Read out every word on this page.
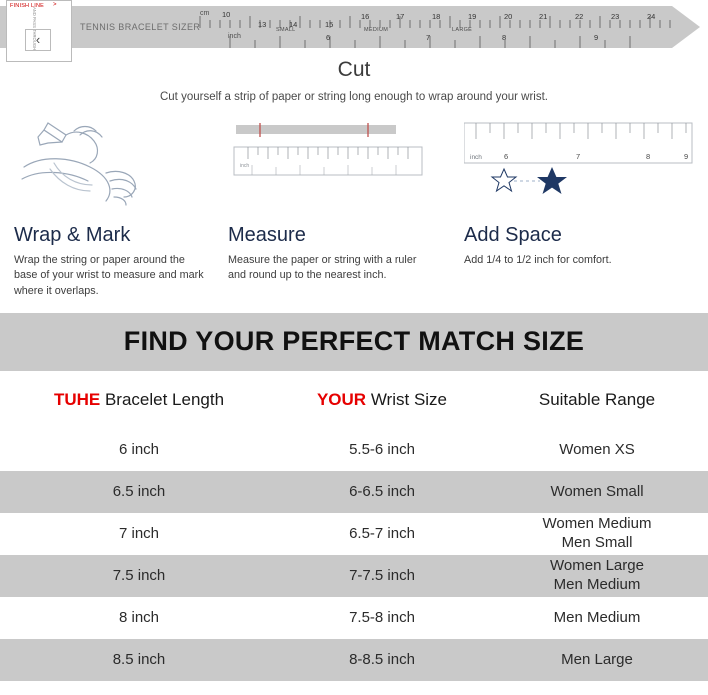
cm 10
13	14	15
16	17	18	19	20	21	22	23	24
inch	6	7	8	9
SMALL	MEDIUM	LARGE
TENNIS BRACELET SIZER
FINISH LINE >
AND PASS THROUGH
‹
Cut
Cut yourself a strip of paper or string long enough to wrap around your wrist.
Wrap & Mark

Wrap the string or paper around the base of your wrist to measure and mark where it overlaps.

inch
Measure

Measure the paper or string with a ruler and round up to the nearest inch.

inch	6	7	8	9
Add Space

Add 1/4 to 1/2 inch for comfort.

FIND YOUR PERFECT MATCH SIZE
TUHE Bracelet Length	YOUR Wrist Size	Suitable Range
6 inch	5.5-6 inch	Women XS
6.5 inch	6-6.5 inch	Women Small
7 inch	6.5-7 inch	Women Medium
Men Small

7.5 inch	7-7.5 inch	Women Large
Men Medium

8 inch	7.5-8 inch	Men Medium
8.5 inch	8-8.5 inch	Men Large
